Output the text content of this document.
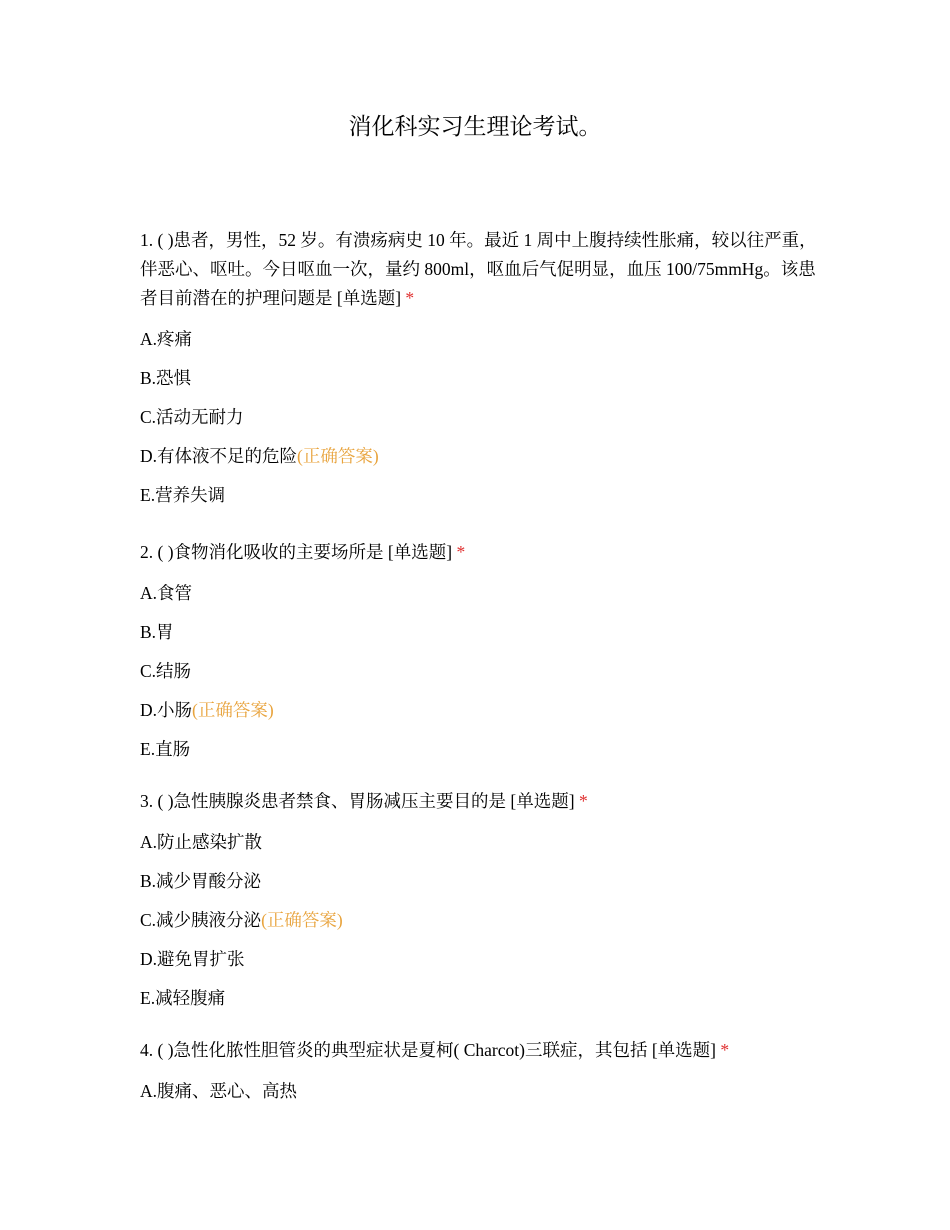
消化科实习生理论考试。

1. ( )患者，男性，52 岁。有溃疡病史 10 年。最近 1 周中上腹持续性胀痛，较以往严重，伴恶心、呕吐。今日呕血一次，量约 800ml，呕血后气促明显，血压 100/75mmHg。该患者目前潜在的护理问题是 [单选题] *

A.疼痛

B.恐惧

C.活动无耐力

D.有体液不足的危险(正确答案)

E.营养失调

2. ( )食物消化吸收的主要场所是 [单选题] *

A.食管

B.胃

C.结肠

D.小肠(正确答案)

E.直肠

3. ( )急性胰腺炎患者禁食、胃肠减压主要目的是 [单选题] *

A.防止感染扩散

B.减少胃酸分泌

C.减少胰液分泌(正确答案)

D.避免胃扩张

E.减轻腹痛

4. ( )急性化脓性胆管炎的典型症状是夏柯( Charcot)三联症，其包括 [单选题] *

A.腹痛、恶心、高热
